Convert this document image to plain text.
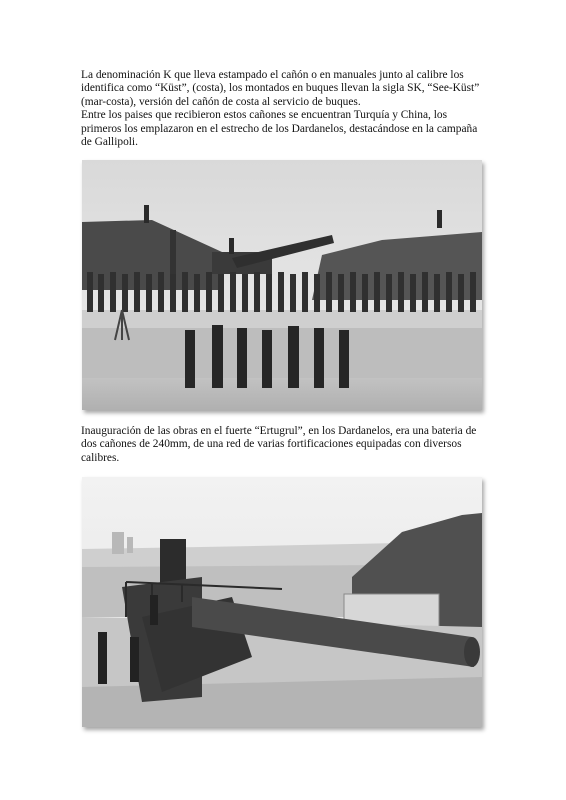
La denominación K que lleva estampado el cañón o en manuales junto al calibre los identifica como “Küst”, (costa), los montados en buques llevan la sigla SK, “See-Küst” (mar-costa), versión del cañón de costa al servicio de buques.
Entre los paises que recibieron estos cañones se encuentran Turquía y China, los primeros los emplazaron en el estrecho de los Dardanelos, destacándose en la campaña de Gallipoli.
Inauguración de las obras en el fuerte “Ertugrul”, en los Dardanelos, era una bateria de dos cañones de 240mm, de una red de varias fortificaciones equipadas con diversos calibres.
